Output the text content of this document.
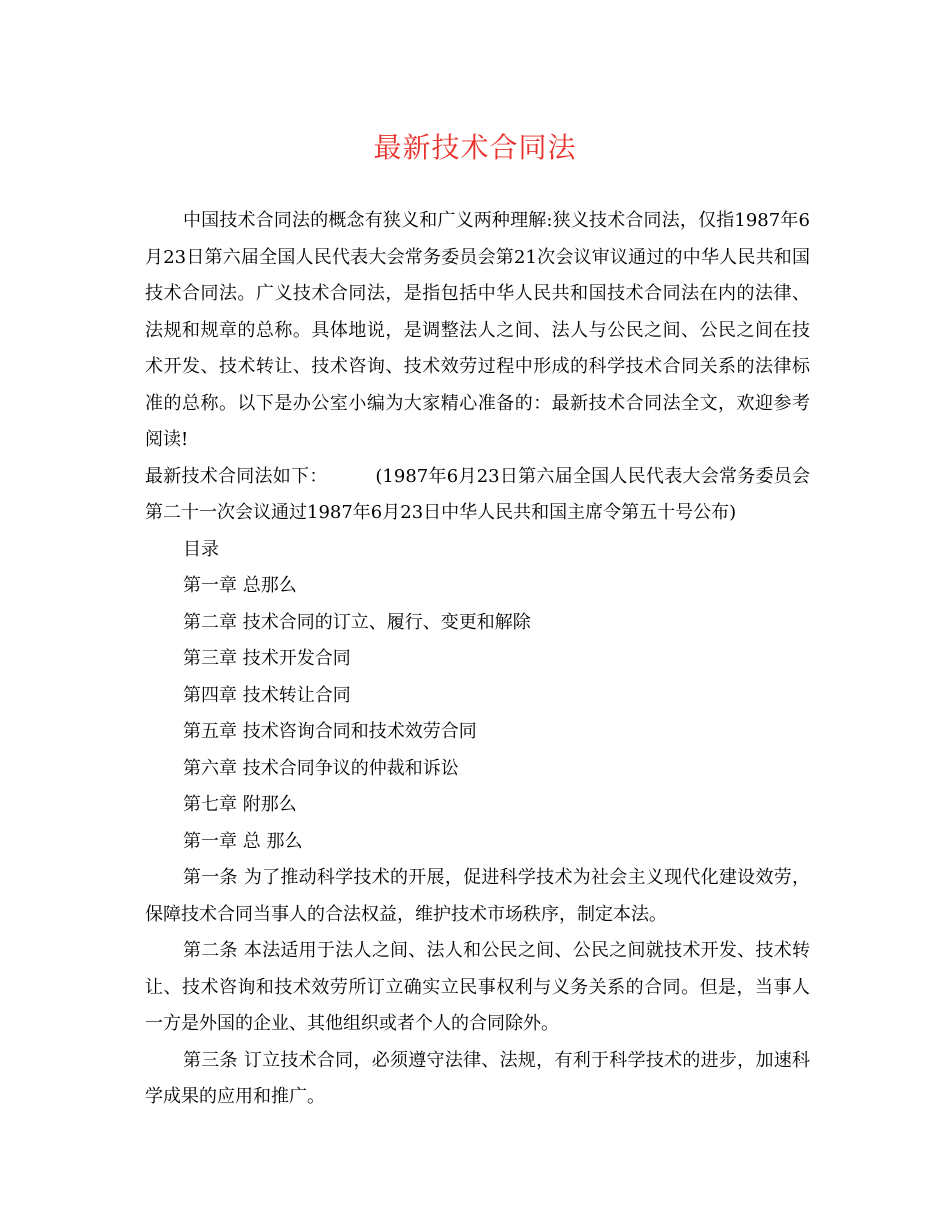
最新技术合同法

中国技术合同法的概念有狭义和广义两种理解:狭义技术合同法，仅指1987年6月23日第六届全国人民代表大会常务委员会第21次会议审议通过的中华人民共和国技术合同法。广义技术合同法，是指包括中华人民共和国技术合同法在内的法律、法规和规章的总称。具体地说，是调整法人之间、法人与公民之间、公民之间在技术开发、技术转让、技术咨询、技术效劳过程中形成的科学技术合同关系的法律标准的总称。以下是办公室小编为大家精心准备的：最新技术合同法全文，欢迎参考阅读!

最新技术合同法如下：        (1987年6月23日第六届全国人民代表大会常务委员会第二十一次会议通过1987年6月23日中华人民共和国主席令第五十号公布)

目录

第一章 总那么

第二章 技术合同的订立、履行、变更和解除

第三章 技术开发合同

第四章 技术转让合同

第五章 技术咨询合同和技术效劳合同

第六章 技术合同争议的仲裁和诉讼

第七章 附那么

第一章 总 那么

第一条 为了推动科学技术的开展，促进科学技术为社会主义现代化建设效劳，保障技术合同当事人的合法权益，维护技术市场秩序，制定本法。

第二条 本法适用于法人之间、法人和公民之间、公民之间就技术开发、技术转让、技术咨询和技术效劳所订立确实立民事权利与义务关系的合同。但是，当事人一方是外国的企业、其他组织或者个人的合同除外。

第三条 订立技术合同，必须遵守法律、法规，有利于科学技术的进步，加速科学成果的应用和推广。
